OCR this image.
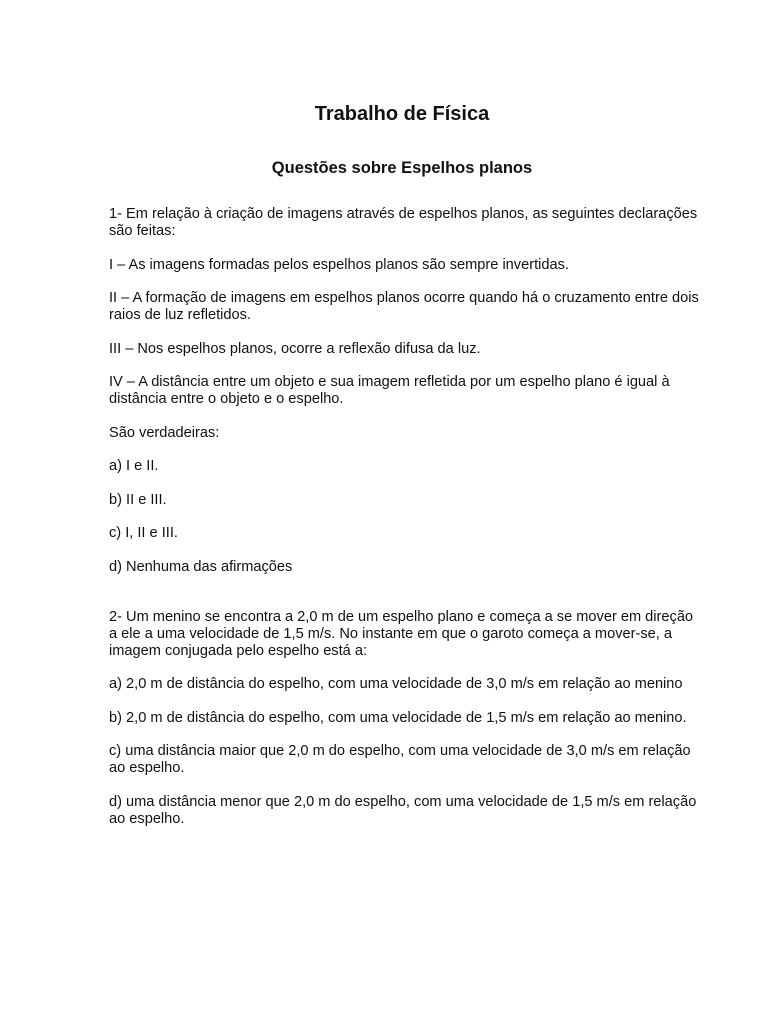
Trabalho de Física
Questões sobre Espelhos planos

1- Em relação à criação de imagens através de espelhos planos, as seguintes declarações são feitas:

I – As imagens formadas pelos espelhos planos são sempre invertidas.

II – A formação de imagens em espelhos planos ocorre quando há o cruzamento entre dois raios de luz refletidos.

III – Nos espelhos planos, ocorre a reflexão difusa da luz.

IV – A distância entre um objeto e sua imagem refletida por um espelho plano é igual à distância entre o objeto e o espelho.

São verdadeiras:

a) I e II.

b) II e III.

c) I, II e III.

d) Nenhuma das afirmações

2- Um menino se encontra a 2,0 m de um espelho plano e começa a se mover em direção a ele a uma velocidade de 1,5 m/s. No instante em que o garoto começa a mover-se, a imagem conjugada pelo espelho está a:

a) 2,0 m de distância do espelho, com uma velocidade de 3,0 m/s em relação ao menino

b) 2,0 m de distância do espelho, com uma velocidade de 1,5 m/s em relação ao menino.

c) uma distância maior que 2,0 m do espelho, com uma velocidade de 3,0 m/s em relação ao espelho.

d) uma distância menor que 2,0 m do espelho, com uma velocidade de 1,5 m/s em relação ao espelho.
